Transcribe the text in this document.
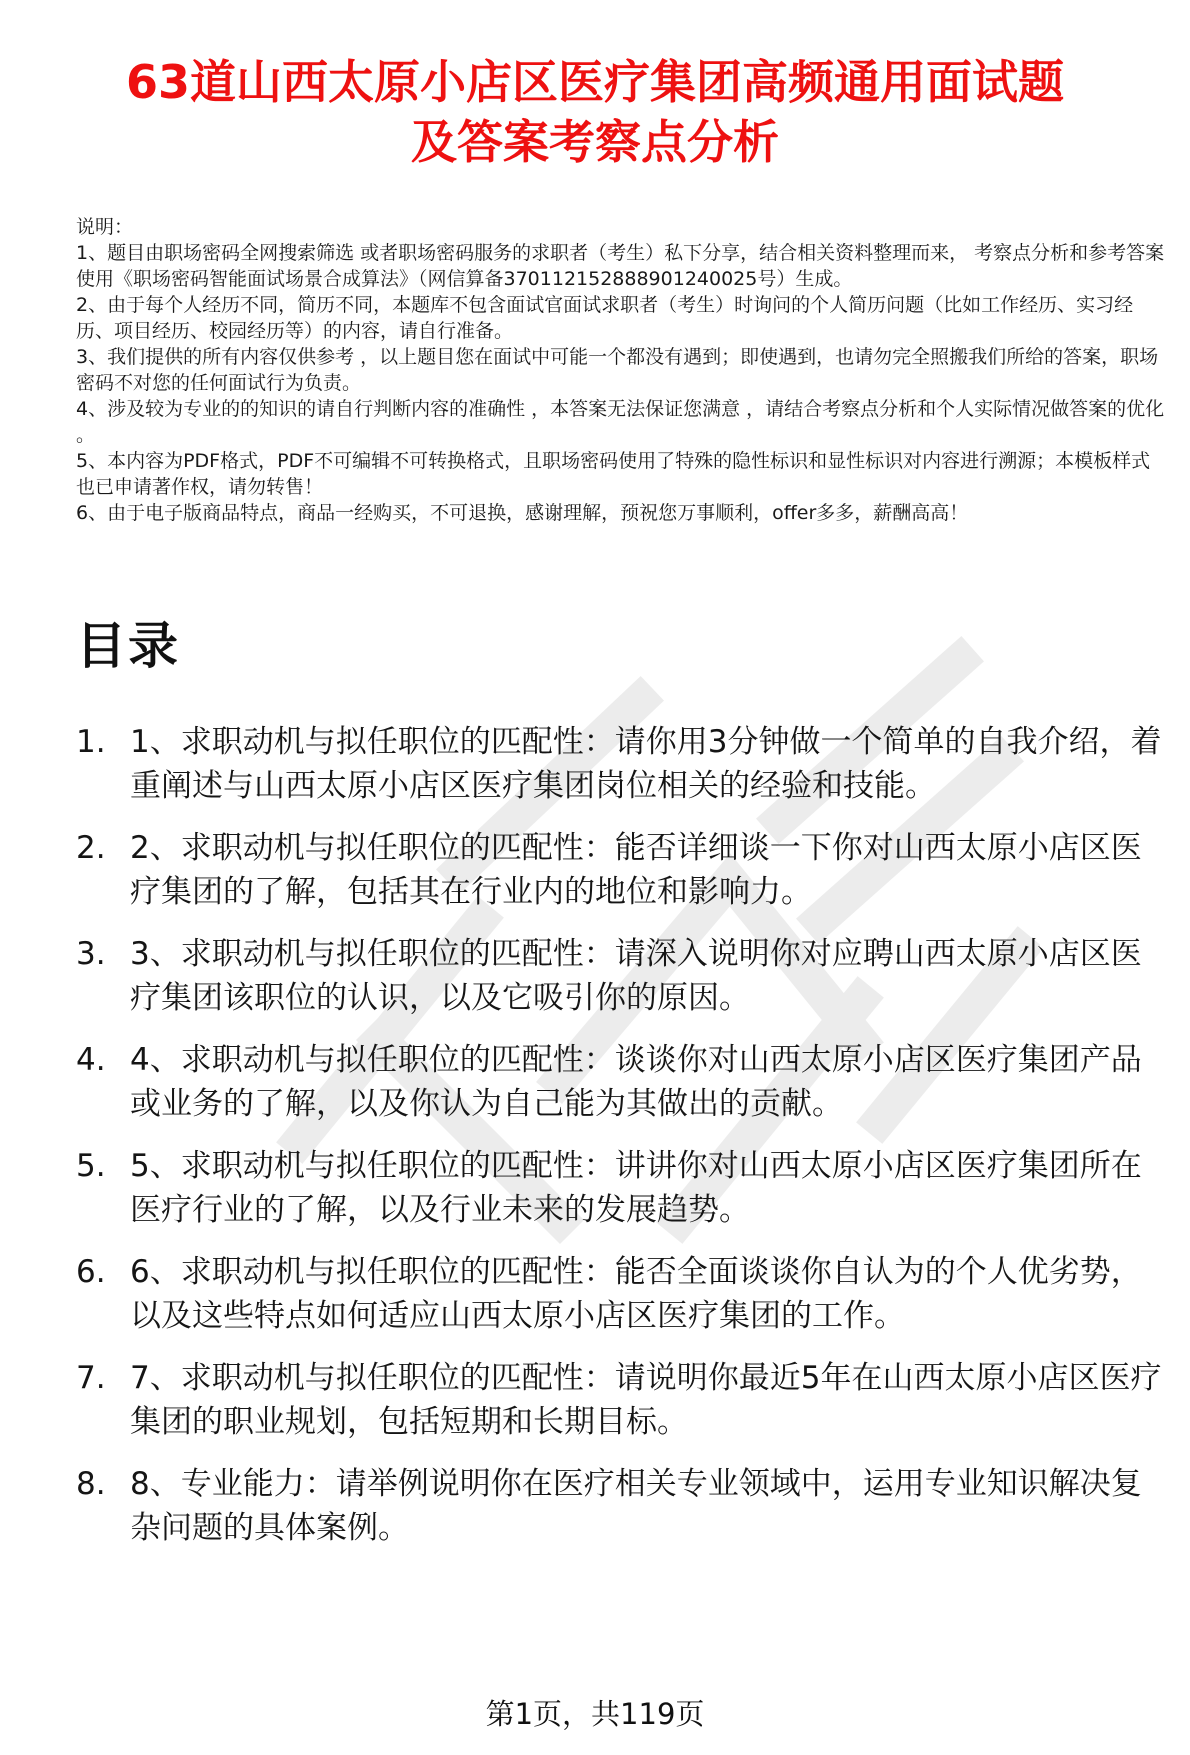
63道山西太原小店区医疗集团高频通用面试题
及答案考察点分析

说明：

1、题目由职场密码全网搜索筛选 或者职场密码服务的求职者（考生）私下分享，结合相关资料整理而来， 考察点分析和参考答案使用《职场密码智能面试场景合成算法》（网信算备370112152888901240025号）生成。

2、由于每个人经历不同，简历不同，本题库不包含面试官面试求职者（考生）时询问的个人简历问题（比如工作经历、实习经历、项目经历、校园经历等）的内容，请自行准备。

3、我们提供的所有内容仅供参考 ，以上题目您在面试中可能一个都没有遇到；即使遇到，也请勿完全照搬我们所给的答案，职场密码不对您的任何面试行为负责。

4、涉及较为专业的的知识的请自行判断内容的准确性 ，本答案无法保证您满意 ，请结合考察点分析和个人实际情况做答案的优化 。

5、本内容为PDF格式，PDF不可编辑不可转换格式，且职场密码使用了特殊的隐性标识和显性标识对内容进行溯源；本模板样式也已申请著作权，请勿转售！

6、由于电子版商品特点，商品一经购买，不可退换，感谢理解，预祝您万事顺利，offer多多，薪酬高高！

目录
1. 1、求职动机与拟任职位的匹配性：请你用3分钟做一个简单的自我介绍，着重阐述与山西太原小店区医疗集团岗位相关的经验和技能。
2. 2、求职动机与拟任职位的匹配性：能否详细谈一下你对山西太原小店区医疗集团的了解，包括其在行业内的地位和影响力。
3. 3、求职动机与拟任职位的匹配性：请深入说明你对应聘山西太原小店区医疗集团该职位的认识，以及它吸引你的原因。
4. 4、求职动机与拟任职位的匹配性：谈谈你对山西太原小店区医疗集团产品或业务的了解，以及你认为自己能为其做出的贡献。
5. 5、求职动机与拟任职位的匹配性：讲讲你对山西太原小店区医疗集团所在医疗行业的了解，以及行业未来的发展趋势。
6. 6、求职动机与拟任职位的匹配性：能否全面谈谈你自认为的个人优劣势，以及这些特点如何适应山西太原小店区医疗集团的工作。
7. 7、求职动机与拟任职位的匹配性：请说明你最近5年在山西太原小店区医疗集团的职业规划，包括短期和长期目标。
8. 8、专业能力：请举例说明你在医疗相关专业领域中，运用专业知识解决复杂问题的具体案例。
第1页，共119页
